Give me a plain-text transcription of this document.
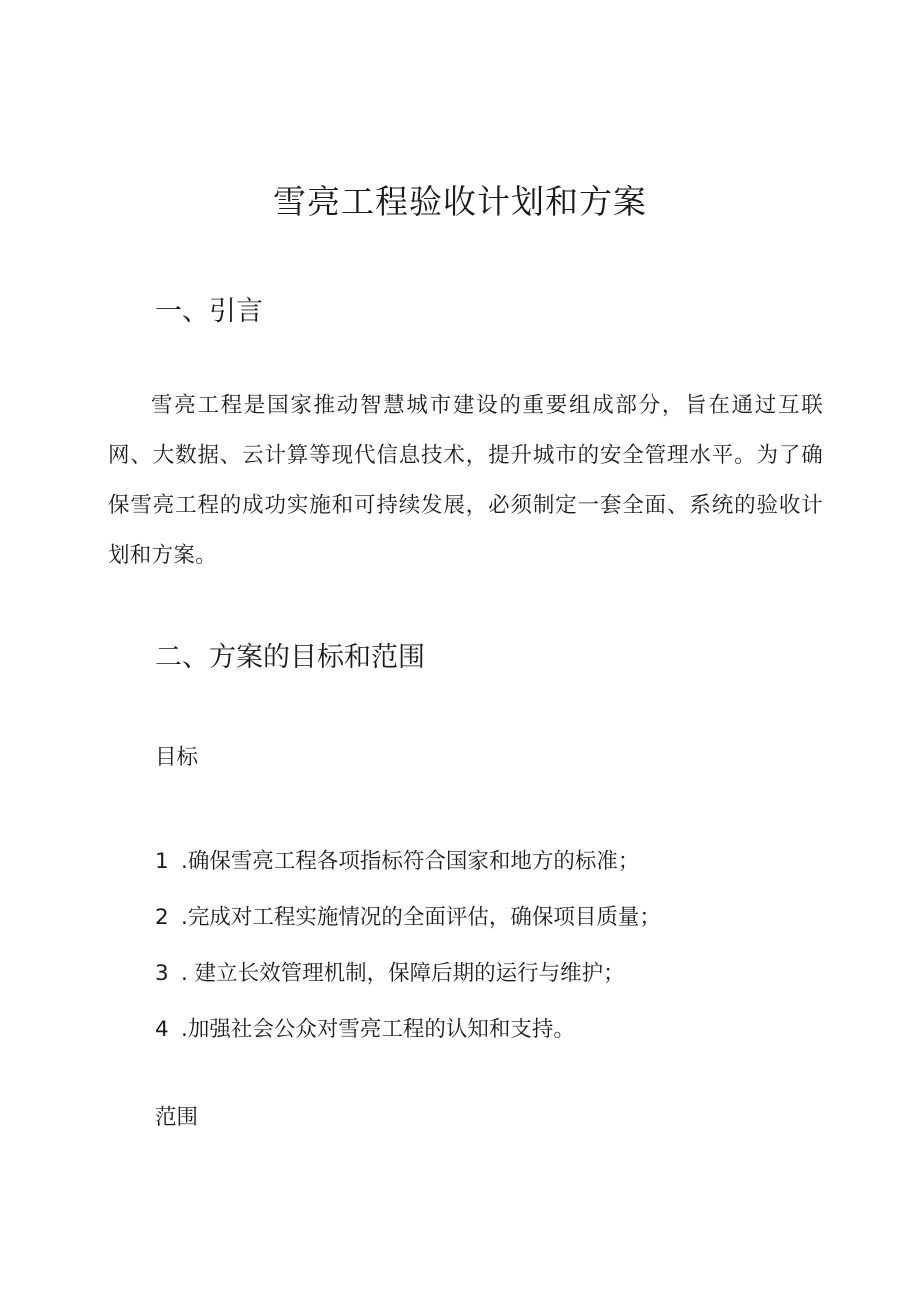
雪亮工程验收计划和方案
一、引言

雪亮工程是国家推动智慧城市建设的重要组成部分，旨在通过互联网、大数据、云计算等现代信息技术，提升城市的安全管理水平。为了确保雪亮工程的成功实施和可持续发展，必须制定一套全面、系统的验收计划和方案。

二、方案的目标和范围
目标
1 .确保雪亮工程各项指标符合国家和地方的标准；
2 .完成对工程实施情况的全面评估，确保项目质量；
3 . 建立长效管理机制，保障后期的运行与维护；
4 .加强社会公众对雪亮工程的认知和支持。
范围
